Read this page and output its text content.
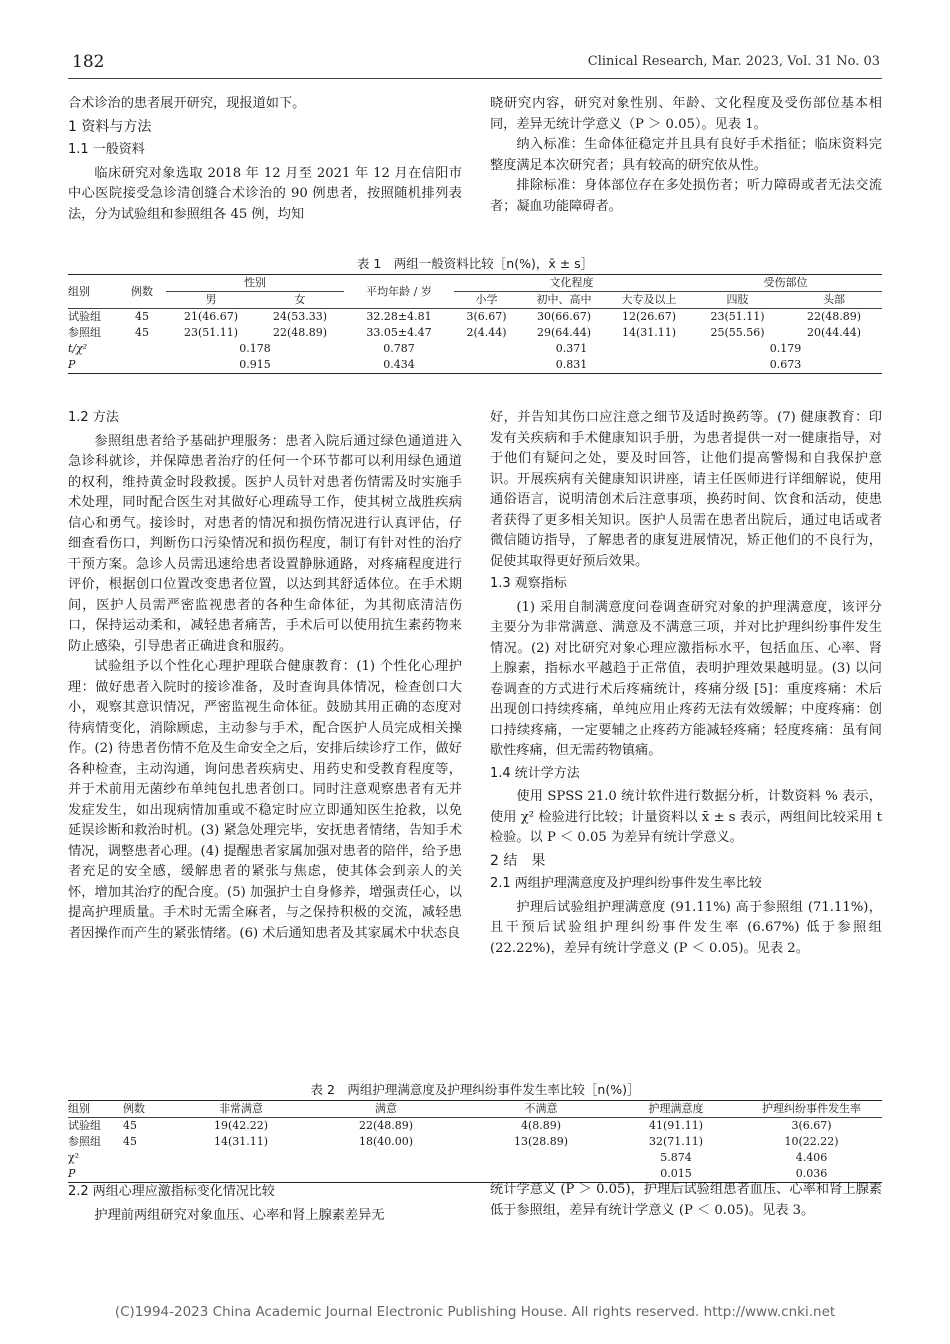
182	Clinical Research, Mar. 2023, Vol. 31 No. 03

合术诊治的患者展开研究，现报道如下。

1 资料与方法
1.1 一般资料

临床研究对象选取 2018 年 12 月至 2021 年 12 月在信阳市中心医院接受急诊清创缝合术诊治的 90 例患者，按照随机排列表法，分为试验组和参照组各 45 例，均知

晓研究内容，研究对象性别、年龄、文化程度及受伤部位基本相同，差异无统计学意义（P ＞ 0.05）。见表 1。

纳入标准：生命体征稳定并且具有良好手术指征；临床资料完整度满足本次研究者；具有较高的研究依从性。

排除标准：身体部位存在多处损伤者；听力障碍或者无法交流者；凝血功能障碍者。

表 1　两组一般资料比较［n(%)，x̄ ± s］
组别	例数	性别		平均年龄 / 岁	文化程度			受伤部位	
		男	女		小学	初中、高中	大专及以上	四肢	头部
试验组	45	21(46.67)	24(53.33)	32.28±4.81	3(6.67)	30(66.67)	12(26.67)	23(51.11)	22(48.89)
参照组	45	23(51.11)	22(48.89)	33.05±4.47	2(4.44)	29(64.44)	14(31.11)	25(55.56)	20(44.44)
t/χ²		0.178		0.787	0.371			0.179	
P		0.915		0.434	0.831			0.673	
1.2 方法

参照组患者给予基础护理服务：患者入院后通过绿色通道进入急诊科就诊，并保障患者治疗的任何一个环节都可以利用绿色通道的权利，维持黄金时段救援。医护人员针对患者伤情需及时实施手术处理，同时配合医生对其做好心理疏导工作，使其树立战胜疾病信心和勇气。接诊时，对患者的情况和损伤情况进行认真评估，仔细查看伤口，判断伤口污染情况和损伤程度，制订有针对性的治疗干预方案。急诊人员需迅速给患者设置静脉通路，对疼痛程度进行评价，根据创口位置改变患者位置，以达到其舒适体位。在手术期间，医护人员需严密监视患者的各种生命体征，为其彻底清洁伤口，保持运动柔和，减轻患者痛苦，手术后可以使用抗生素药物来防止感染，引导患者正确进食和服药。

试验组予以个性化心理护理联合健康教育：(1) 个性化心理护理：做好患者入院时的接诊准备，及时查询具体情况，检查创口大小，观察其意识情况，严密监视生命体征。鼓励其用正确的态度对待病情变化，消除顾虑，主动参与手术，配合医护人员完成相关操作。(2) 待患者伤情不危及生命安全之后，安排后续诊疗工作，做好各种检查，主动沟通，询问患者疾病史、用药史和受教育程度等，并于术前用无菌纱布单纯包扎患者创口。同时注意观察患者有无并发症发生，如出现病情加重或不稳定时应立即通知医生抢救，以免延误诊断和救治时机。(3) 紧急处理完毕，安抚患者情绪，告知手术情况，调整患者心理。(4) 提醒患者家属加强对患者的陪伴，给予患者充足的安全感，缓解患者的紧张与焦虑，使其体会到亲人的关怀，增加其治疗的配合度。(5) 加强护士自身修养，增强责任心，以提高护理质量。手术时无需全麻者，与之保持积极的交流，减轻患者因操作而产生的紧张情绪。(6) 术后通知患者及其家属术中状态良

好，并告知其伤口应注意之细节及适时换药等。(7) 健康教育：印发有关疾病和手术健康知识手册，为患者提供一对一健康指导，对于他们有疑问之处，要及时回答，让他们提高警惕和自我保护意识。开展疾病有关健康知识讲座，请主任医师进行详细解说，使用通俗语言，说明清创术后注意事项，换药时间、饮食和活动，使患者获得了更多相关知识。医护人员需在患者出院后，通过电话或者微信随访指导，了解患者的康复进展情况，矫正他们的不良行为，促使其取得更好预后效果。

1.3 观察指标

(1) 采用自制满意度问卷调查研究对象的护理满意度，该评分主要分为非常满意、满意及不满意三项，并对比护理纠纷事件发生情况。(2) 对比研究对象心理应激指标水平，包括血压、心率、肾上腺素，指标水平越趋于正常值，表明护理效果越明显。(3) 以问卷调查的方式进行术后疼痛统计，疼痛分级 [5]：重度疼痛：术后出现创口持续疼痛，单纯应用止疼药无法有效缓解；中度疼痛：创口持续疼痛，一定要辅之止疼药方能减轻疼痛；轻度疼痛：虽有间歇性疼痛，但无需药物镇痛。

1.4 统计学方法

使用 SPSS 21.0 统计软件进行数据分析，计数资料 % 表示，使用 χ² 检验进行比较；计量资料以 x̄ ± s 表示，两组间比较采用 t 检验。以 P ＜ 0.05 为差异有统计学意义。

2 结　果
2.1 两组护理满意度及护理纠纷事件发生率比较

护理后试验组护理满意度 (91.11%) 高于参照组 (71.11%)，且干预后试验组护理纠纷事件发生率 (6.67%) 低于参照组 (22.22%)，差异有统计学意义 (P ＜ 0.05)。见表 2。

表 2　两组护理满意度及护理纠纷事件发生率比较［n(%)］
组别	例数	非常满意	满意	不满意	护理满意度	护理纠纷事件发生率
试验组	45	19(42.22)	22(48.89)	4(8.89)	41(91.11)	3(6.67)
参照组	45	14(31.11)	18(40.00)	13(28.89)	32(71.11)	10(22.22)
χ²					5.874	4.406
P					0.015	0.036
2.2 两组心理应激指标变化情况比较

护理前两组研究对象血压、心率和肾上腺素差异无

统计学意义 (P ＞ 0.05)，护理后试验组患者血压、心率和肾上腺素低于参照组，差异有统计学意义 (P ＜ 0.05)。见表 3。

(C)1994-2023 China Academic Journal Electronic Publishing House. All rights reserved. http://www.cnki.net
